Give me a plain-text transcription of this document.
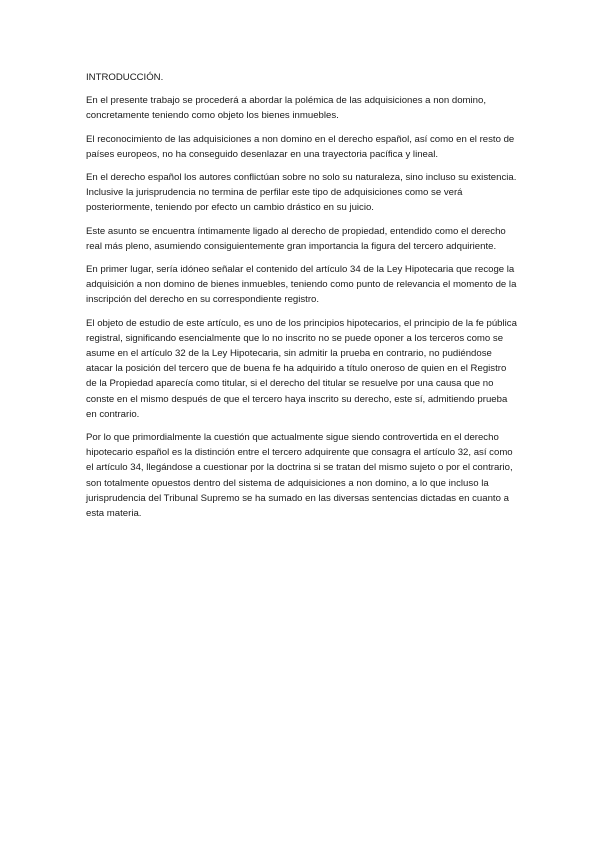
INTRODUCCIÓN.

En el presente trabajo se procederá a abordar la polémica de las adquisiciones a non domino, concretamente teniendo como objeto los bienes inmuebles.

El reconocimiento de las adquisiciones a non domino en el derecho español, así como en el resto de países europeos, no ha conseguido desenlazar en una trayectoria pacífica y lineal.

En el derecho español los autores conflictúan sobre no solo su naturaleza, sino incluso su existencia. Inclusive la jurisprudencia no termina de perfilar este tipo de adquisiciones como se verá posteriormente, teniendo por efecto un cambio drástico en su juicio.

Este asunto se encuentra íntimamente ligado al derecho de propiedad, entendido como el derecho real más pleno, asumiendo consiguientemente gran importancia la figura del tercero adquiriente.

En primer lugar, sería idóneo señalar el contenido del artículo 34 de la Ley Hipotecaria que recoge la adquisición a non domino de bienes inmuebles, teniendo como punto de relevancia el momento de la inscripción del derecho en su correspondiente registro.

El objeto de estudio de este artículo, es uno de los principios hipotecarios, el principio de la fe pública registral, significando esencialmente que lo no inscrito no se puede oponer a los terceros como se asume en el artículo 32 de la Ley Hipotecaria, sin admitir la prueba en contrario, no pudiéndose atacar la posición del tercero que de buena fe ha adquirido a título oneroso de quien en el Registro de la Propiedad aparecía como titular, si el derecho del titular se resuelve por una causa que no conste en el mismo después de que el tercero haya inscrito su derecho, este sí, admitiendo prueba en contrario.

Por lo que primordialmente la cuestión que actualmente sigue siendo controvertida en el derecho hipotecario español es la distinción entre el tercero adquirente que consagra el artículo 32, así como el artículo 34, llegándose a cuestionar por la doctrina si se tratan del mismo sujeto o por el contrario, son totalmente opuestos dentro del sistema de adquisiciones a non domino, a lo que incluso la jurisprudencia del Tribunal Supremo se ha sumado en las diversas sentencias dictadas en cuanto a esta materia.
